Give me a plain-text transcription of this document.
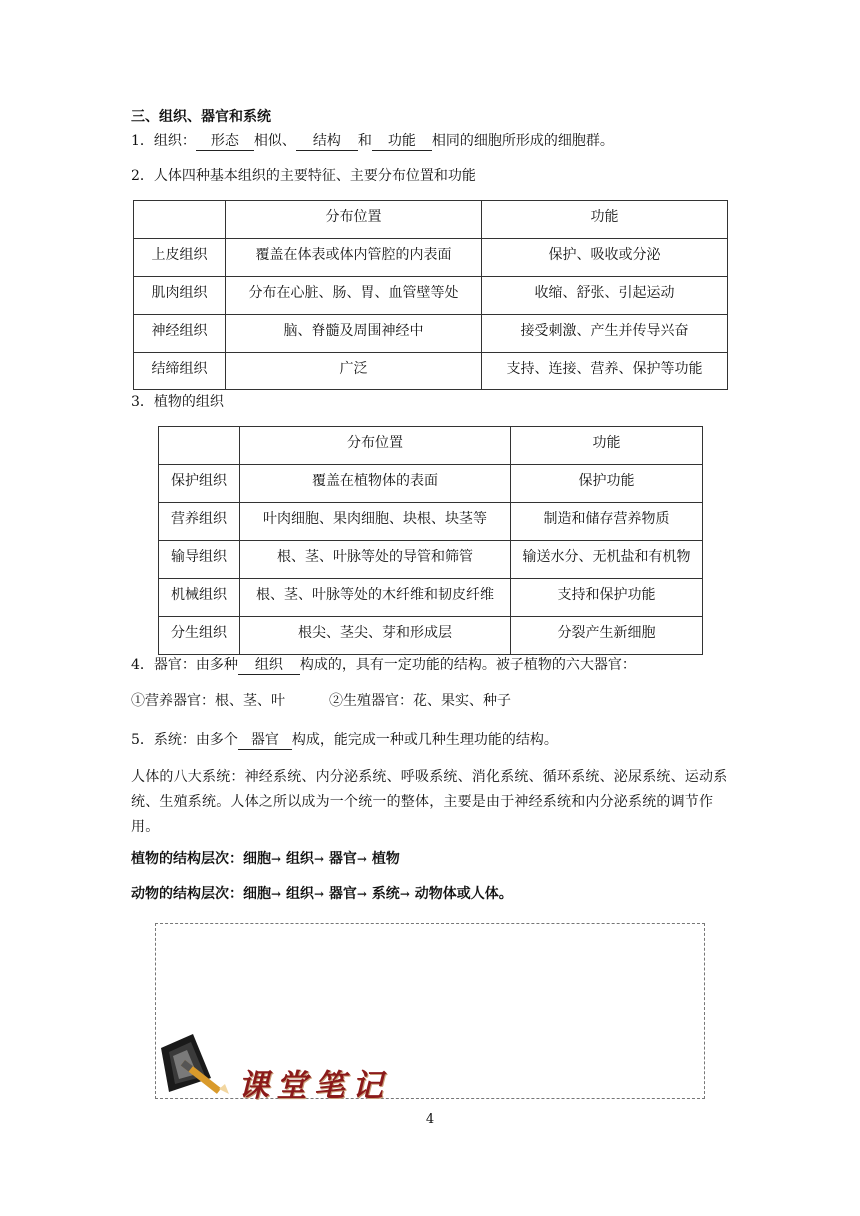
三、组织、器官和系统
1．组织： 形态 相似、 结构 和 功能 相同的细胞所形成的细胞群。
2．人体四种基本组织的主要特征、主要分布位置和功能
	分布位置	功能
上皮组织	覆盖在体表或体内管腔的内表面	保护、吸收或分泌
肌肉组织	分布在心脏、肠、胃、血管壁等处	收缩、舒张、引起运动
神经组织	脑、脊髓及周围神经中	接受刺激、产生并传导兴奋
结缔组织	广泛	支持、连接、营养、保护等功能
3．植物的组织
	分布位置	功能
保护组织	覆盖在植物体的表面	保护功能
营养组织	叶肉细胞、果肉细胞、块根、块茎等	制造和储存营养物质
输导组织	根、茎、叶脉等处的导管和筛管	输送水分、无机盐和有机物
机械组织	根、茎、叶脉等处的木纤维和韧皮纤维	支持和保护功能
分生组织	根尖、茎尖、芽和形成层	分裂产生新细胞
4．器官：由多种 组织 构成的，具有一定功能的结构。被子植物的六大器官：
①营养器官：根、茎、叶	②生殖器官：花、果实、种子
5．系统：由多个 器官 构成，能完成一种或几种生理功能的结构。
人体的八大系统：神经系统、内分泌系统、呼吸系统、消化系统、循环系统、泌尿系统、运动系统、生殖系统。人体之所以成为一个统一的整体，主要是由于神经系统和内分泌系统的调节作用。
植物的结构层次：细胞→ 组织→ 器官→ 植物
动物的结构层次：细胞→ 组织→ 器官→ 系统→ 动物体或人体。
课堂笔记
4
